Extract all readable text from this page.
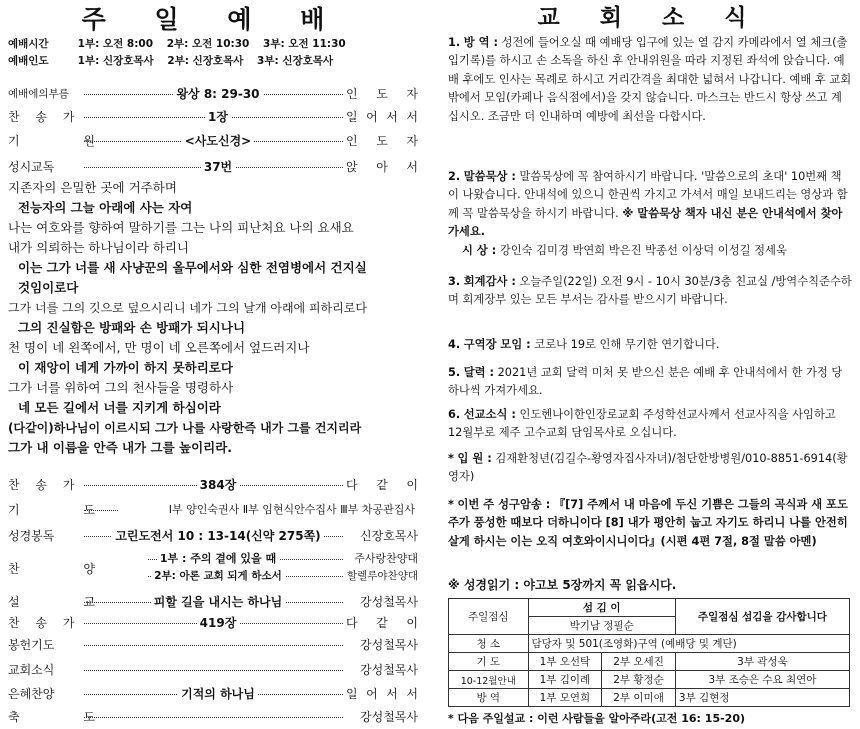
주 일 예 배
예배시간	1부: 오전 8:00 2부: 오전 10:30 3부: 오전 11:30
예배인도	1부: 신장호목사 2부: 신장호목사 3부: 신장호목사
예배에의부름	왕상 8: 29-30	인 도 자
찬 송 가	1장	일 어 서 서
기 원	<사도신경>	인 도 자
성시교독	37번	앉 아 서
지존자의 은밀한 곳에 거주하며
전능자의 그늘 아래에 사는 자여
나는 여호와를 향하여 말하기를 그는 나의 피난처요 나의 요새요
내가 의뢰하는 하나님이라 하리니
이는 그가 너를 새 사냥꾼의 올무에서와 심한 전염병에서 건지실
것임이로다
그가 너를 그의 깃으로 덮으시리니 네가 그의 날개 아래에 피하리로다
그의 진실함은 방패와 손 방패가 되시나니
천 명이 네 왼쪽에서, 만 명이 네 오른쪽에서 엎드러지나
이 재앙이 네게 가까이 하지 못하리로다
그가 너를 위하여 그의 천사들을 명령하사
네 모든 길에서 너를 지키게 하심이라
(다같이)하나님이 이르시되 그가 나를 사랑한즉 내가 그를 건지리라
그가 내 이름을 안즉 내가 그를 높이리라.
찬 송 가	384장	다 같 이
기 도	Ⅰ부 양인숙권사 Ⅱ부 임현식안수집사 Ⅲ부 차공관집사
성경봉독	고린도전서 10 : 13-14(신약 275쪽)	신장호목사
찬 양
1부 : 주의 곁에 있을 때	주사랑찬양대
2부: 아론 교회 되게 하소서	할렐루야찬양대
설 교	피할 길을 내시는 하나님	강성철목사
찬 송 가	419장	다 같 이
봉헌기도	강성철목사
교회소식	강성철목사
은혜찬양	기적의 하나님	일 어 서 서
축 도	강성철목사
교 회 소 식
1. 방 역 : 성전에 들어오실 때 예배당 입구에 있는 열 감지 카메라에서 열 체크(출입기록)를 하시고 손 소독을 하신 후 안내위원을 따라 지정된 좌석에 앉습니다. 예배 후에도 인사는 목례로 하시고 거리간격을 최대한 넓혀서 나갑니다. 예배 후 교회 밖에서 모임(카페나 음식점에서)을 갖지 않습니다. 마스크는 반드시 항상 쓰고 계십시오. 조금만 더 인내하며 예방에 최선을 다합시다.
2. 말씀묵상 : 말씀묵상에 꼭 참여하시기 바랍니다. '말씀으로의 초대' 10번째 책이 나왔습니다. 안내석에 있으니 한권씩 가지고 가셔서 매일 보내드리는 영상과 함께 꼭 말씀묵상을 하시기 바랍니다. ※ 말씀묵상 책자 내신 분은 안내석에서 찾아가세요.
시 상 : 강인숙 김미경 박연희 박은진 박종선 이상덕 이성길 정세욱
3. 회계감사 : 오늘주일(22일) 오전 9시 - 10시 30분/3층 친교실 /방역수칙준수하며 회계장부 있는 모든 부서는 감사를 받으시기 바랍니다.
4. 구역장 모임 : 코로나 19로 인해 무기한 연기합니다.
5. 달력 : 2021년 교회 달력 미처 못 받으신 분은 예배 후 안내석에서 한 가정 당 하나씩 가져가세요.
6. 선교소식 : 인도헨나이한인장로교회 주성학선교사께서 선교사직을 사임하고 12월부로 제주 고수교회 담임목사로 오십니다.
* 입 원 : 김재환청년(김길수-황영자집사자녀)/첨단한방병원/010-8851-6914(황영자)
* 이번 주 성구암송 : 『[7] 주께서 내 마음에 두신 기쁨은 그들의 곡식과 새 포도주가 풍성한 때보다 더하니이다 [8] 내가 평안히 눕고 자기도 하리니 나를 안전히 살게 하시는 이는 오직 여호와이시니이다』(시편 4편 7절, 8절 말씀 아멘)
※ 성경읽기 : 야고보 5장까지 꼭 읽읍시다.
주일점심	섬 김 이		주일점심 섬김을 감사합니다
	박기남 정필순		
청 소	담당자 및 501(조영화)구역 (예배당 및 계단)		
기 도	1부 오선탁	2부 오세진	3부 곽성욱
10-12월안내	1부 김이례	2부 황정순	3부 조승은 수요 최연아
방 역	1부 모연희	2부 이미애	3부 김현정
* 다음 주일설교 : 이런 사람들을 알아주라(고전 16: 15-20)
